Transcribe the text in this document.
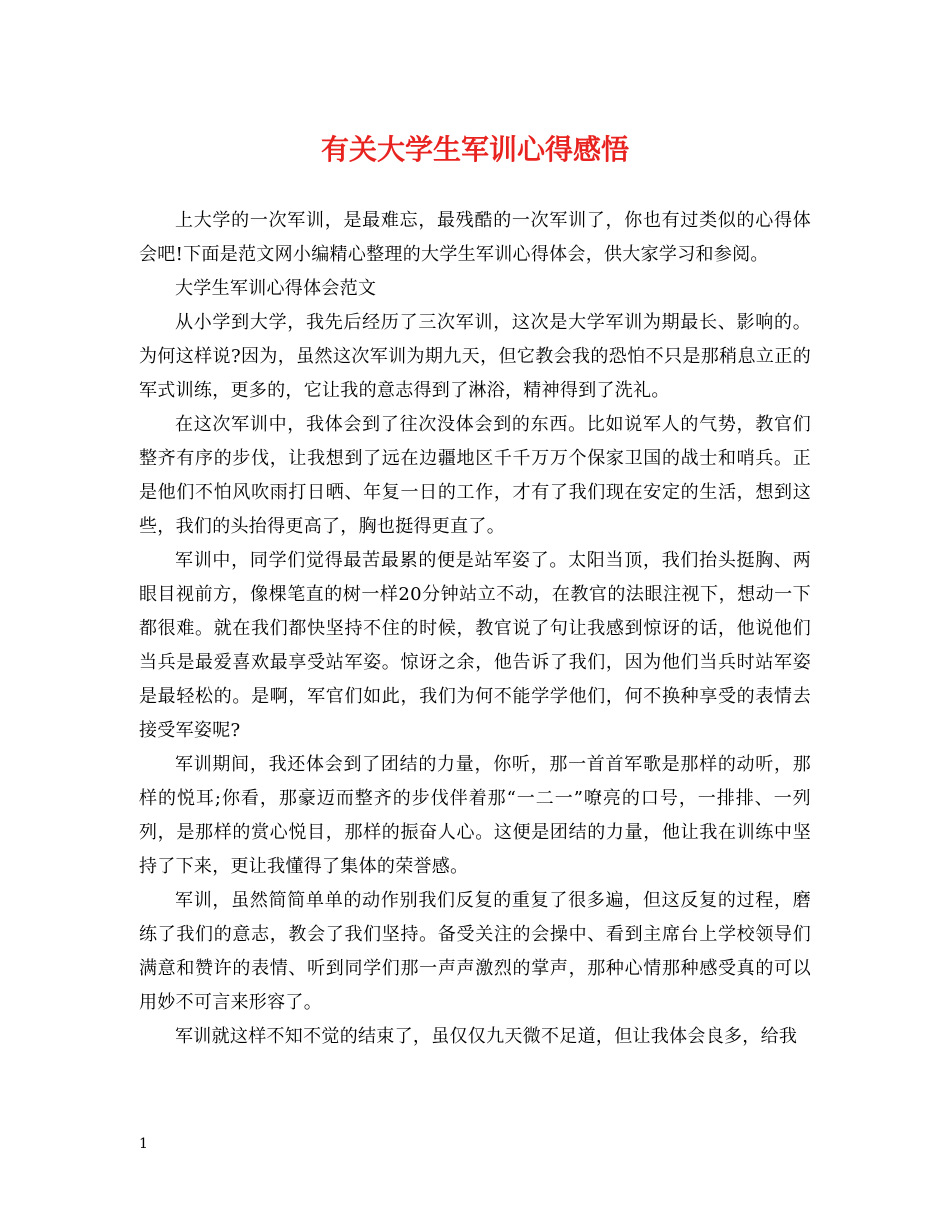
有关大学生军训心得感悟

上大学的一次军训，是最难忘，最残酷的一次军训了，你也有过类似的心得体会吧!下面是范文网小编精心整理的大学生军训心得体会，供大家学习和参阅。

大学生军训心得体会范文

从小学到大学，我先后经历了三次军训，这次是大学军训为期最长、影响的。为何这样说?因为，虽然这次军训为期九天，但它教会我的恐怕不只是那稍息立正的军式训练，更多的，它让我的意志得到了淋浴，精神得到了洗礼。

在这次军训中，我体会到了往次没体会到的东西。比如说军人的气势，教官们整齐有序的步伐，让我想到了远在边疆地区千千万万个保家卫国的战士和哨兵。正是他们不怕风吹雨打日晒、年复一日的工作，才有了我们现在安定的生活，想到这些，我们的头抬得更高了，胸也挺得更直了。

军训中，同学们觉得最苦最累的便是站军姿了。太阳当顶，我们抬头挺胸、两眼目视前方，像棵笔直的树一样20分钟站立不动，在教官的法眼注视下，想动一下都很难。就在我们都快坚持不住的时候，教官说了句让我感到惊讶的话，他说他们当兵是最爱喜欢最享受站军姿。惊讶之余，他告诉了我们，因为他们当兵时站军姿是最轻松的。是啊，军官们如此，我们为何不能学学他们，何不换种享受的表情去接受军姿呢?

军训期间，我还体会到了团结的力量，你听，那一首首军歌是那样的动听，那样的悦耳;你看，那豪迈而整齐的步伐伴着那“一二一”嘹亮的口号，一排排、一列列，是那样的赏心悦目，那样的振奋人心。这便是团结的力量，他让我在训练中坚持了下来，更让我懂得了集体的荣誉感。

军训，虽然简简单单的动作别我们反复的重复了很多遍，但这反复的过程，磨练了我们的意志，教会了我们坚持。备受关注的会操中、看到主席台上学校领导们满意和赞许的表情、听到同学们那一声声激烈的掌声，那种心情那种感受真的可以用妙不可言来形容了。

军训就这样不知不觉的结束了，虽仅仅九天微不足道，但让我体会良多，给我

1
